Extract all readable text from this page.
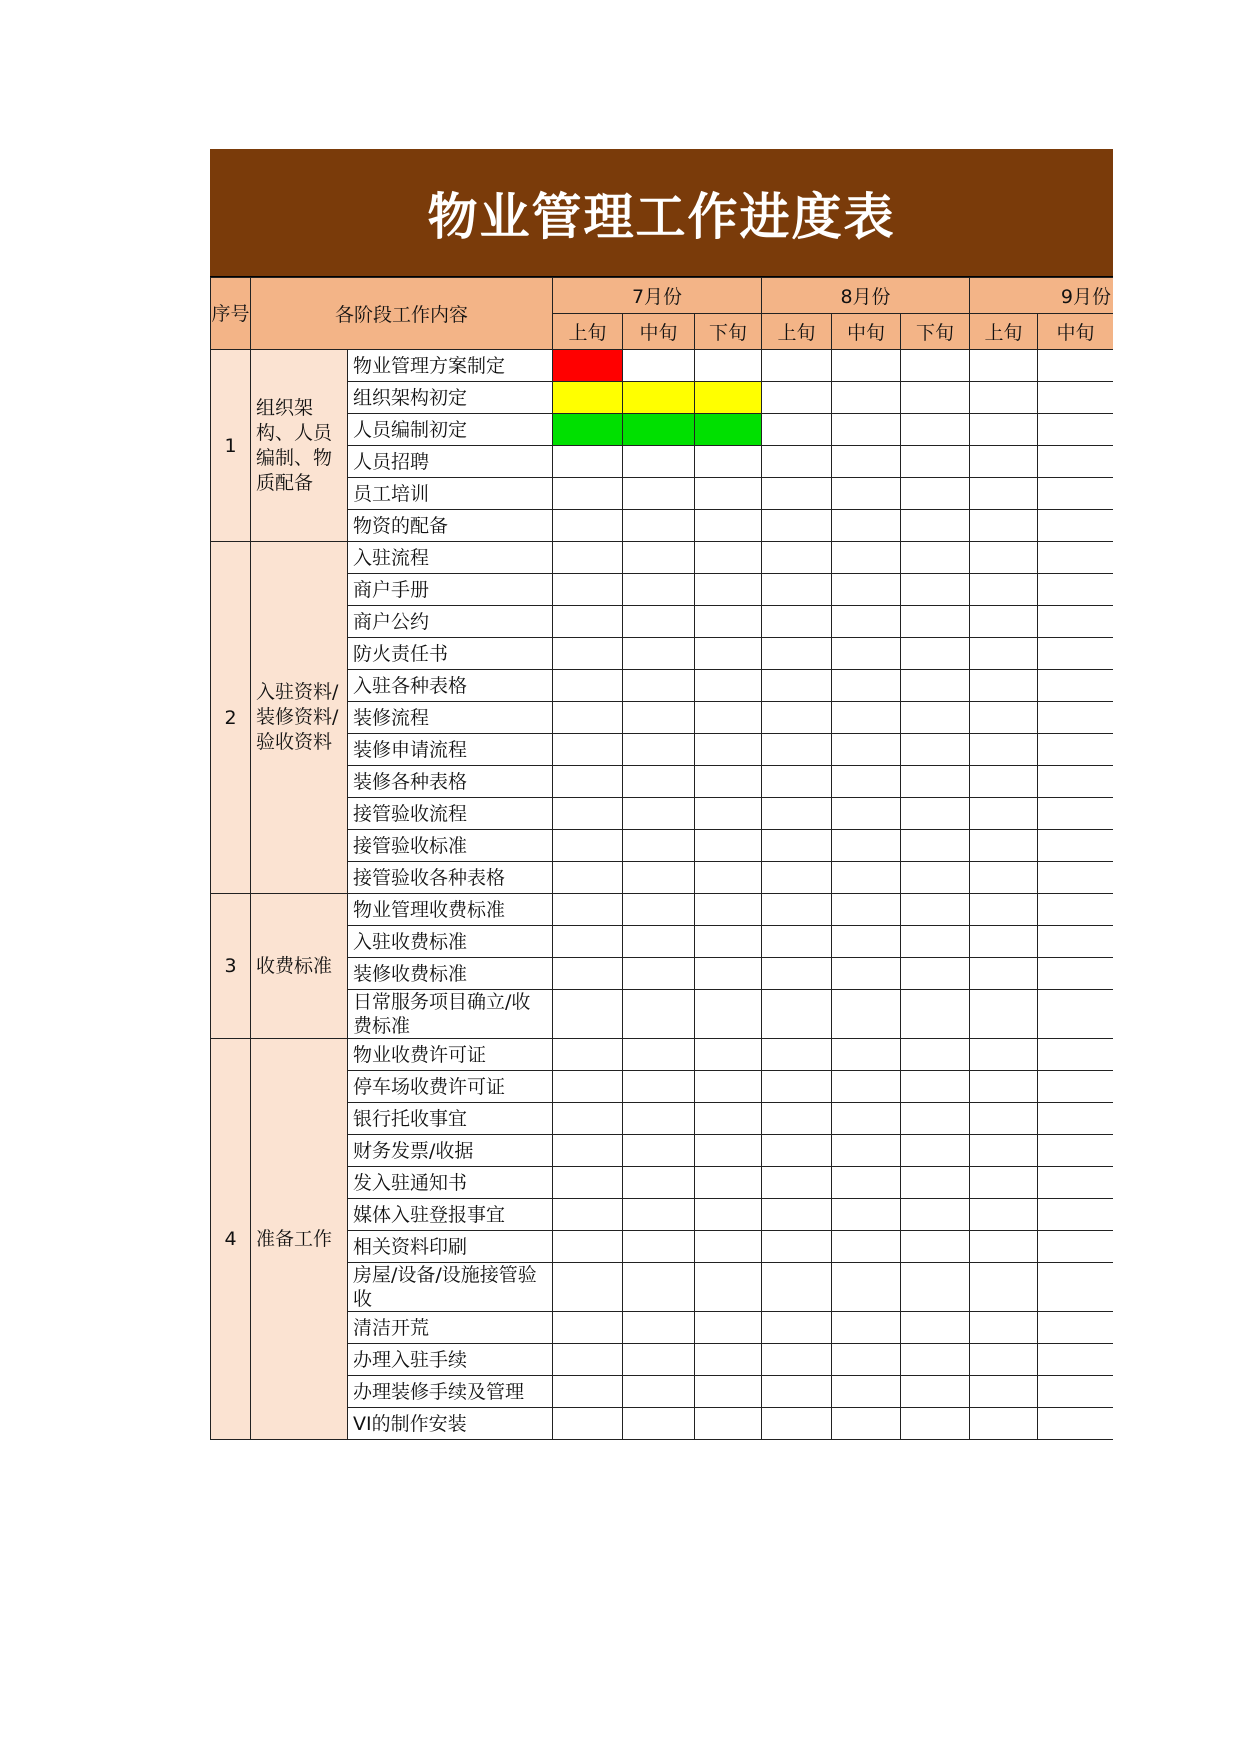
物业管理工作进度表
序号	各阶段工作内容		7月份			8月份			9月份	
			上旬	中旬	下旬	上旬	中旬	下旬	上旬	中旬
1	组织架构、人员编制、物质配备	物业管理方案制定								
		组织架构初定								
		人员编制初定								
		人员招聘								
		员工培训								
		物资的配备								
2	入驻资料/装修资料/验收资料	入驻流程								
		商户手册								
		商户公约								
		防火责任书								
		入驻各种表格								
		装修流程								
		装修申请流程								
		装修各种表格								
		接管验收流程								
		接管验收标准								
		接管验收各种表格								
3	收费标准	物业管理收费标准								
		入驻收费标准								
		装修收费标准								
		日常服务项目确立/收费标准								
4	准备工作	物业收费许可证								
		停车场收费许可证								
		银行托收事宜								
		财务发票/收据								
		发入驻通知书								
		媒体入驻登报事宜								
		相关资料印刷								
		房屋/设备/设施接管验收								
		清洁开荒								
		办理入驻手续								
		办理装修手续及管理								
		VI的制作安装								
